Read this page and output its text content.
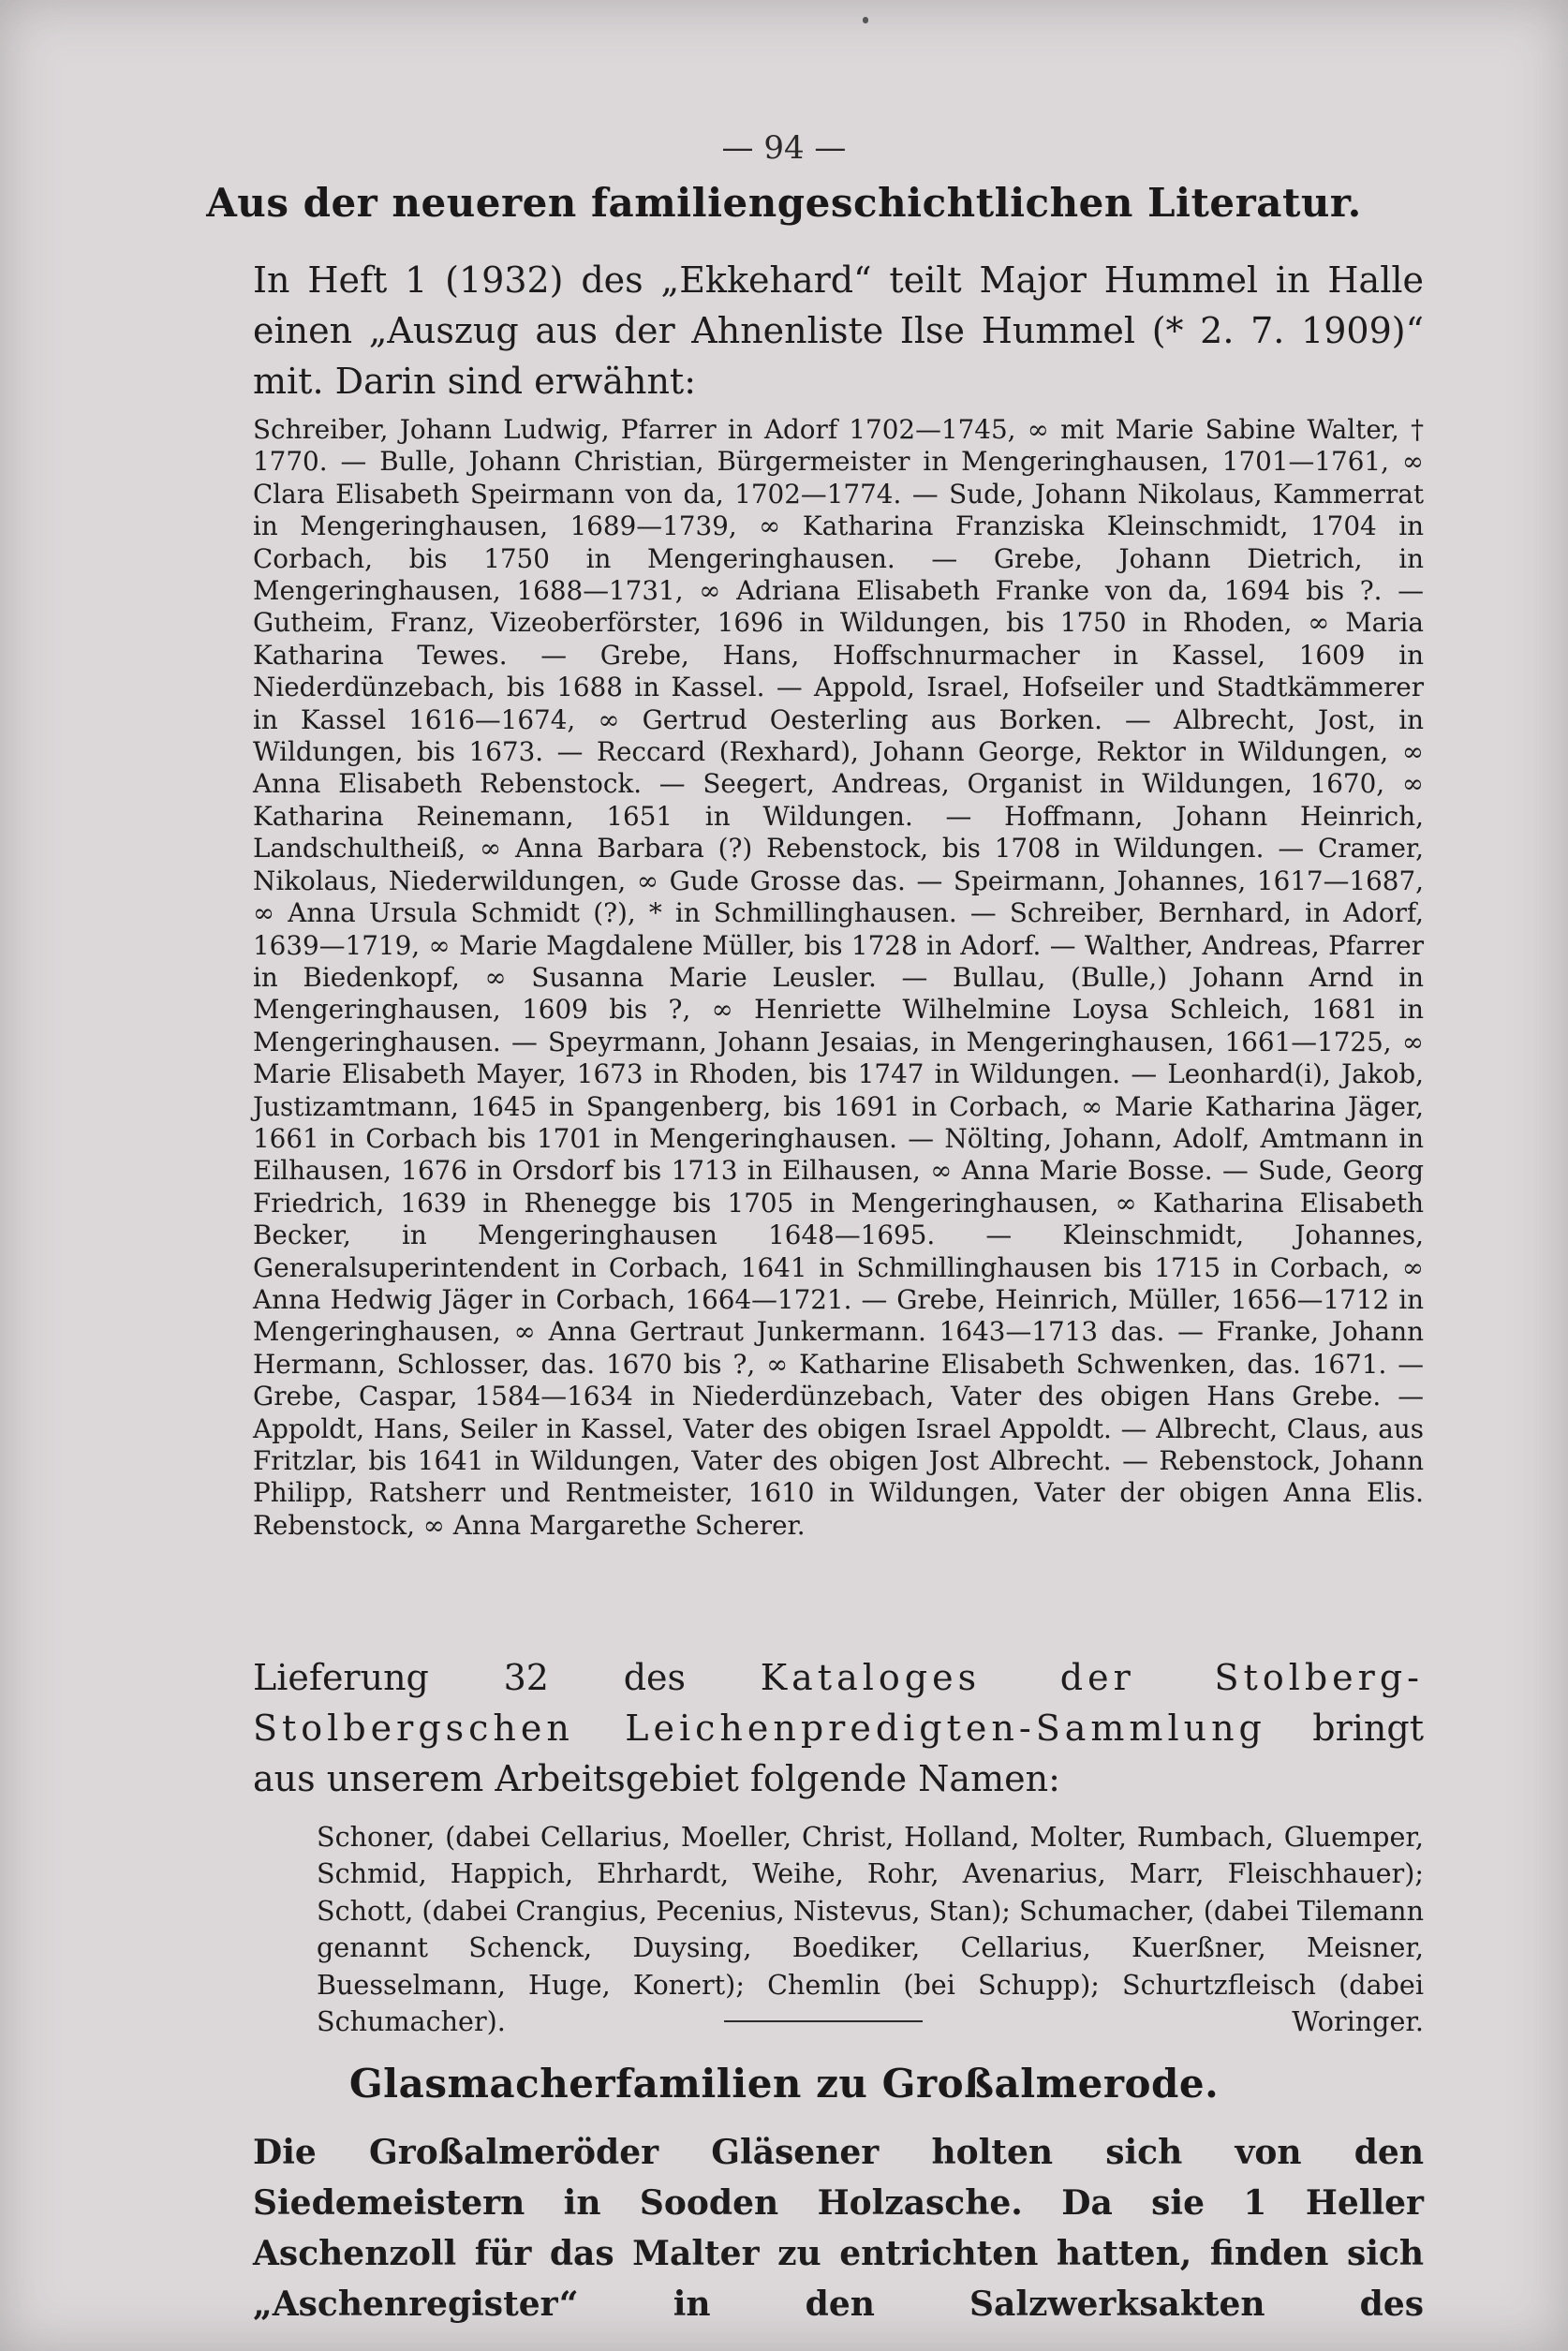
— 94 —
Aus der neueren familiengeschichtlichen Literatur.

In Heft 1 (1932) des „Ekkehard“ teilt Major Hummel in Halle einen „Auszug aus der Ahnenliste Ilse Hummel (* 2. 7. 1909)“ mit. Darin sind erwähnt:

Schreiber, Johann Ludwig, Pfarrer in Adorf 1702—1745, ∞ mit Marie Sabine Walter, † 1770. — Bulle, Johann Christian, Bürgermeister in Mengeringhausen, 1701—1761, ∞ Clara Elisabeth Speirmann von da, 1702—1774. — Sude, Johann Nikolaus, Kammerrat in Mengeringhausen, 1689—1739, ∞ Katharina Franziska Kleinschmidt, 1704 in Corbach, bis 1750 in Mengeringhausen. — Grebe, Johann Dietrich, in Mengeringhausen, 1688—1731, ∞ Adriana Elisabeth Franke von da, 1694 bis ?. — Gutheim, Franz, Vizeoberförster, 1696 in Wildungen, bis 1750 in Rhoden, ∞ Maria Katharina Tewes. — Grebe, Hans, Hoffschnurmacher in Kassel, 1609 in Niederdünzebach, bis 1688 in Kassel. — Appold, Israel, Hofseiler und Stadtkämmerer in Kassel 1616—1674, ∞ Gertrud Oesterling aus Borken. — Albrecht, Jost, in Wildungen, bis 1673. — Reccard (Rexhard), Johann George, Rektor in Wildungen, ∞ Anna Elisabeth Rebenstock. — Seegert, Andreas, Organist in Wildungen, 1670, ∞ Katharina Reinemann, 1651 in Wildungen. — Hoffmann, Johann Heinrich, Landschultheiß, ∞ Anna Barbara (?) Rebenstock, bis 1708 in Wildungen. — Cramer, Nikolaus, Niederwildungen, ∞ Gude Grosse das. — Speirmann, Johannes, 1617—1687, ∞ Anna Ursula Schmidt (?), * in Schmillinghausen. — Schreiber, Bernhard, in Adorf, 1639—1719, ∞ Marie Magdalene Müller, bis 1728 in Adorf. — Walther, Andreas, Pfarrer in Biedenkopf, ∞ Susanna Marie Leusler. — Bullau, (Bulle,) Johann Arnd in Mengeringhausen, 1609 bis ?, ∞ Henriette Wilhelmine Loysa Schleich, 1681 in Mengeringhausen. — Speyrmann, Johann Jesaias, in Mengeringhausen, 1661—1725, ∞ Marie Elisabeth Mayer, 1673 in Rhoden, bis 1747 in Wildungen. — Leonhard(i), Jakob, Justizamtmann, 1645 in Spangenberg, bis 1691 in Corbach, ∞ Marie Katharina Jäger, 1661 in Corbach bis 1701 in Mengeringhausen. — Nölting, Johann, Adolf, Amtmann in Eilhausen, 1676 in Orsdorf bis 1713 in Eilhausen, ∞ Anna Marie Bosse. — Sude, Georg Friedrich, 1639 in Rhenegge bis 1705 in Mengeringhausen, ∞ Katharina Elisabeth Becker, in Mengeringhausen 1648—1695. — Kleinschmidt, Johannes, Generalsuperintendent in Corbach, 1641 in Schmillinghausen bis 1715 in Corbach, ∞ Anna Hedwig Jäger in Corbach, 1664—1721. — Grebe, Heinrich, Müller, 1656—1712 in Mengeringhausen, ∞ Anna Gertraut Junkermann. 1643—1713 das. — Franke, Johann Hermann, Schlosser, das. 1670 bis ?, ∞ Katharine Elisabeth Schwenken, das. 1671. — Grebe, Caspar, 1584—1634 in Niederdünzebach, Vater des obigen Hans Grebe. — Appoldt, Hans, Seiler in Kassel, Vater des obigen Israel Appoldt. — Albrecht, Claus, aus Fritzlar, bis 1641 in Wildungen, Vater des obigen Jost Albrecht. — Rebenstock, Johann Philipp, Ratsherr und Rentmeister, 1610 in Wildungen, Vater der obigen Anna Elis. Rebenstock, ∞ Anna Margarethe Scherer.

Lieferung 32 des Kataloges der Stolberg-Stolbergschen Leichenpredigten-Sammlung bringt aus unserem Arbeitsgebiet folgende Namen:

Schoner, (dabei Cellarius, Moeller, Christ, Holland, Molter, Rumbach, Gluemper, Schmid, Happich, Ehrhardt, Weihe, Rohr, Avenarius, Marr, Fleischhauer); Schott, (dabei Crangius, Pecenius, Nistevus, Stan); Schumacher, (dabei Tilemann genannt Schenck, Duysing, Boediker, Cellarius, Kuerßner, Meisner, Buesselmann, Huge, Konert); Chemlin (bei Schupp); Schurtzfleisch (dabei Schumacher).	Woringer.

Glasmacherfamilien zu Großalmerode.

Die Großalmeröder Gläsener holten sich von den Siedemeistern in Sooden Holzasche. Da sie 1 Heller Aschenzoll für das Malter zu entrichten hatten, finden sich „Aschenregister“ in den Salzwerksakten des
